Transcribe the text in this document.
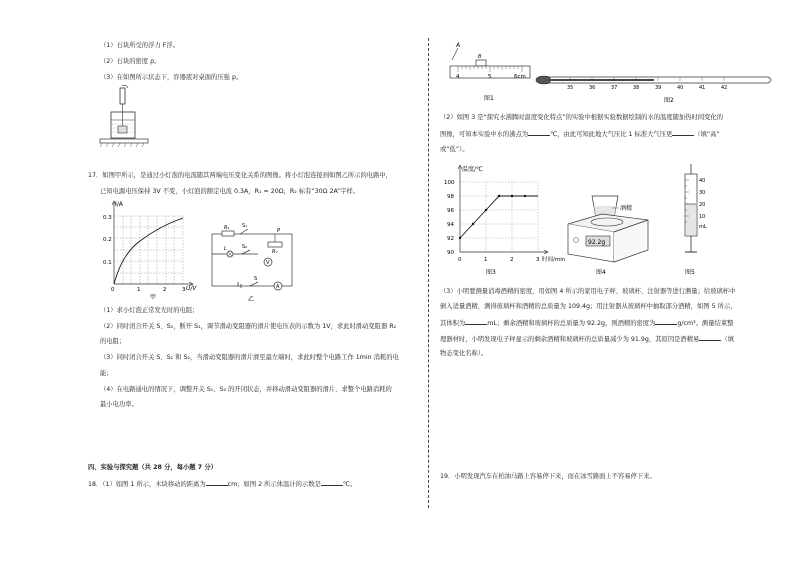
（1）石块所受的浮力 F浮。
（2）石块的密度 ρ。
（3）在如图所示状态下，容器底对桌面的压强 p。
17．如图甲所示，是通过小灯泡的电流随其两端电压变化关系的图像。将小灯泡连接到如图乙所示的电路中，
已知电源电压保持 3V 不变，小灯泡的额定电流 0.3A，R₁ = 20Ω，R₂ 标有“30Ω 2A”字样。
I/A
0.3
0.2
0.1
0	1	2	3 U/V
甲
R₁	S₁
P
R₂
L	S₂
V
S
A
乙
（1）求小灯泡正常发光时的电阻；
（2）同时闭合开关 S、S₂，断开 S₁，调节滑动变阻器的滑片使电压表的示数为 1V，求此时滑动变阻器 R₂
的电阻；
（3）同时闭合开关 S、S₁ 和 S₂，当滑动变阻器的滑片滑至最左端时，求此时整个电路工作 1min 消耗的电
能；
（4）在电路通电的情况下，调整开关 S₁、S₂ 的开闭状态，并移动滑动变阻器的滑片，求整个电路消耗的
最小电功率。
四、实验与探究题（共 28 分，每小题 7 分）
18．（1）如图 1 所示，木块移动的距离为	cm；如图 2 所示体温计的示数是	℃。
A
B
4	5	6cm
图1
35	36	37	38	39	40	41	42
图2
（2）如图 3 是“探究水沸腾时温度变化特点”的实验中根据实验数据绘制的水的温度随加热时间变化的
图像，可知本实验中水的沸点为	℃，由此可知此地大气压比 1 标准大气压更	（填“高”
或“低”）。
温度/℃
100
98
96
94
92
90
0	1	2	3 时间/min
图3
酒精
92.2g
图4
40
30
20
10
mL
图5
（3）小明要测量消毒酒精的密度，用如图 4 所示的家用电子秤、玻璃杯、注射器等进行测量；给玻璃杯中
倒入适量酒精，测得玻璃杯和酒精的总质量为 109.4g；用注射器从玻璃杯中抽取部分酒精，如图 5 所示，
其体积为	mL；剩余酒精和玻璃杯的总质量为 92.2g，则酒精的密度为	g/cm³。测量结束整
理器材时，小明发现电子秤显示的剩余酒精和玻璃杯的总质量减少为 91.9g，其原因是酒精易	（填
物态变化名称）。
19．小明发现汽车在柏油马路上容易停下来，而在冰雪路面上不容易停下来。
